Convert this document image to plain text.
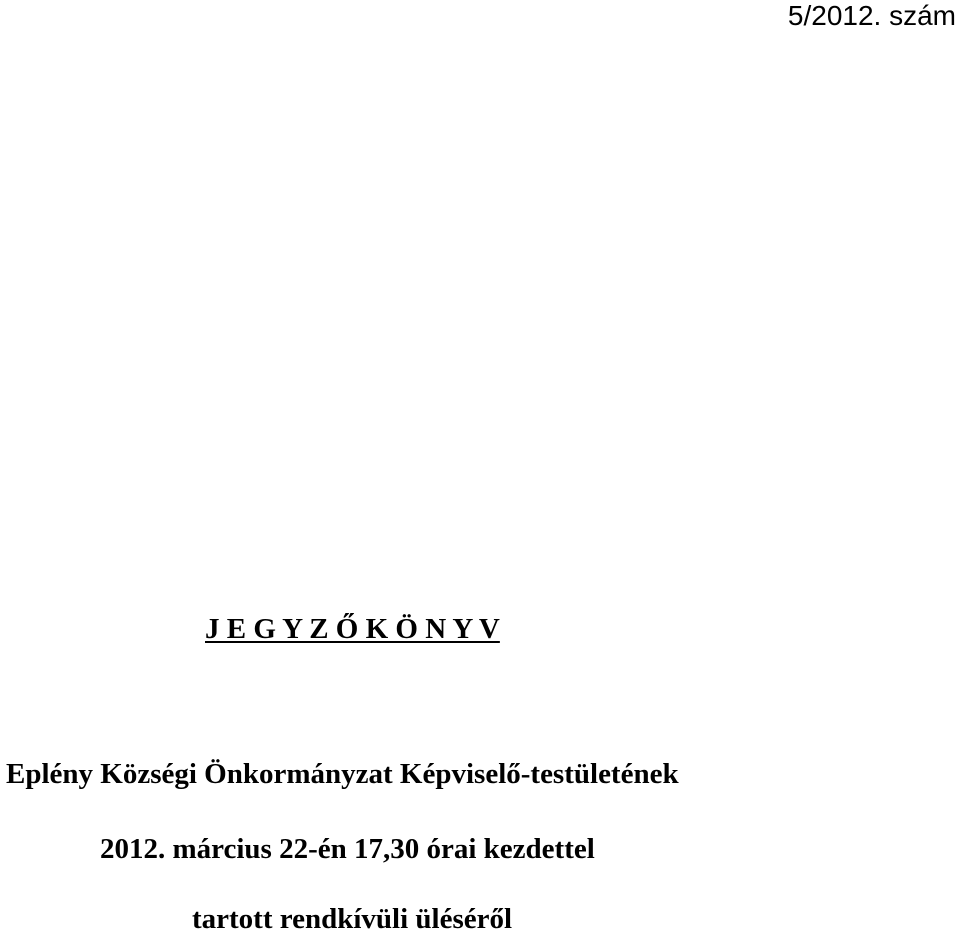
5/2012. szám
J E G Y Z Ő K Ö N Y V
Eplény Községi Önkormányzat Képviselő-testületének
2012. március 22-én 17,30 órai kezdettel
tartott rendkívüli üléséről
